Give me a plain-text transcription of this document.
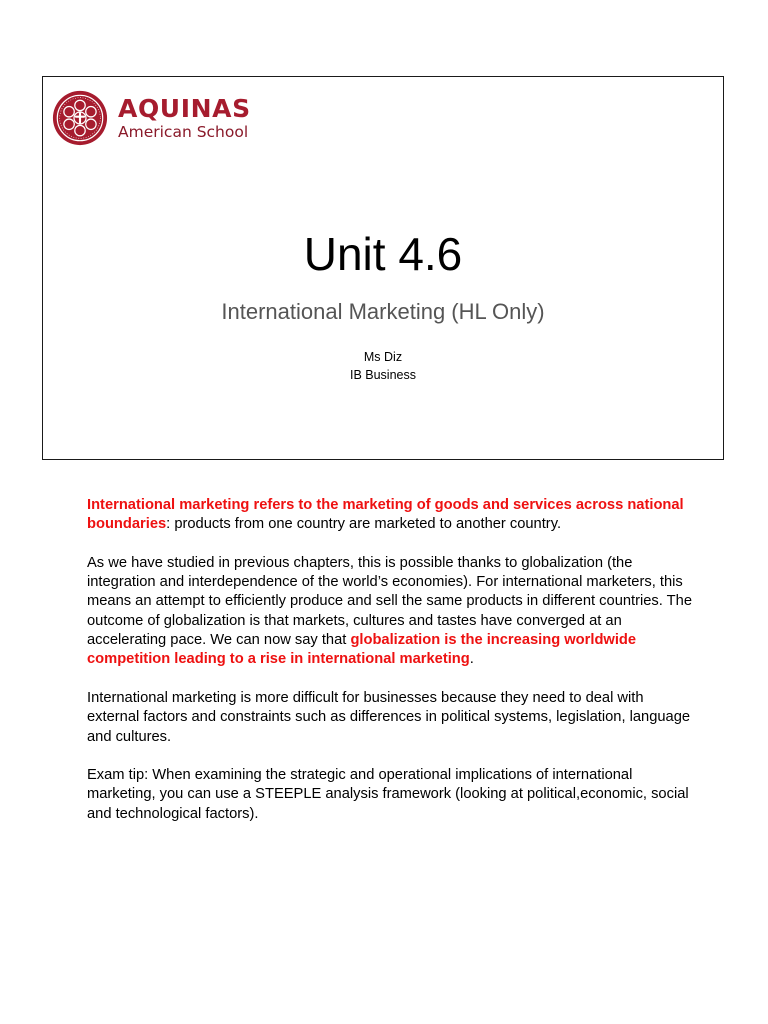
AQUINAS
American School
Unit 4.6
International Marketing (HL Only)
Ms Diz
IB Business

International marketing refers to the marketing of goods and services across national boundaries: products from one country are marketed to another country.

As we have studied in previous chapters, this is possible thanks to globalization (the integration and interdependence of the world’s economies). For international marketers, this means an attempt to efficiently produce and sell the same products in different countries. The outcome of globalization is that markets, cultures and tastes have converged at an accelerating pace. We can now say that globalization is the increasing worldwide competition leading to a rise in international marketing.

International marketing is more difficult for businesses because they need to deal with external factors and constraints such as differences in political systems, legislation, language and cultures.

Exam tip: When examining the strategic and operational implications of international marketing, you can use a STEEPLE analysis framework (looking at political,economic, social and technological factors).
